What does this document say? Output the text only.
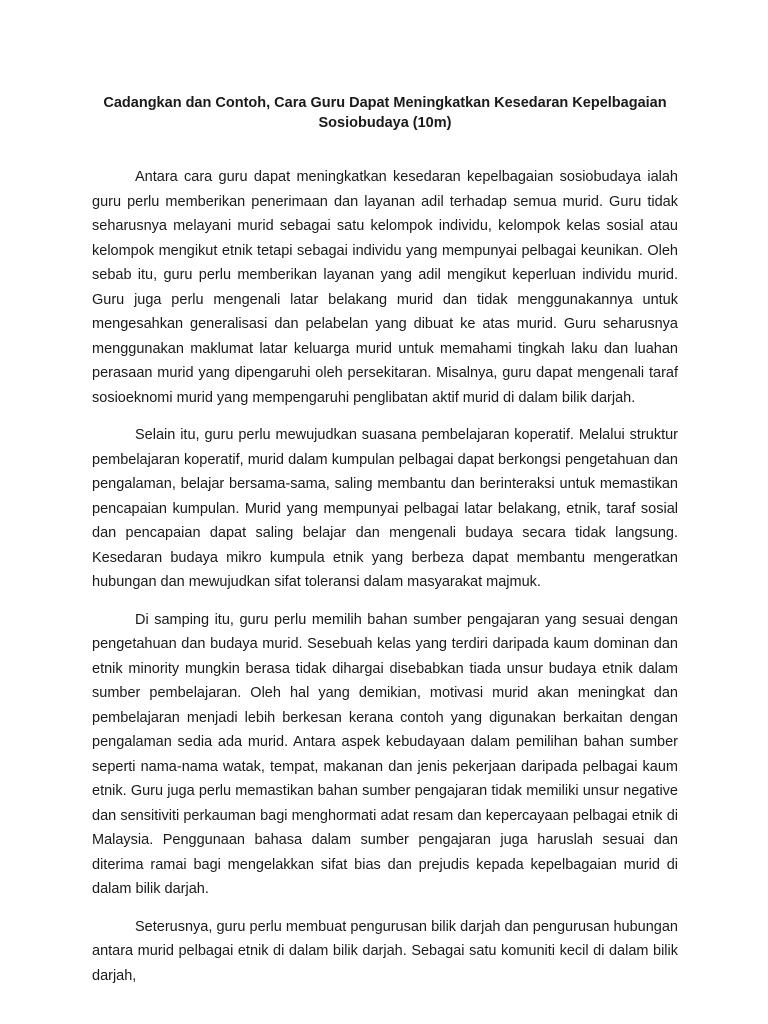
Cadangkan dan Contoh, Cara Guru Dapat Meningkatkan Kesedaran Kepelbagaian Sosiobudaya (10m)

Antara cara guru dapat meningkatkan kesedaran kepelbagaian sosiobudaya ialah guru perlu memberikan penerimaan dan layanan adil terhadap semua murid. Guru tidak seharusnya melayani murid sebagai satu kelompok individu, kelompok kelas sosial atau kelompok mengikut etnik tetapi sebagai individu yang mempunyai pelbagai keunikan. Oleh sebab itu, guru perlu memberikan layanan yang adil mengikut keperluan individu murid. Guru juga perlu mengenali latar belakang murid dan tidak menggunakannya untuk mengesahkan generalisasi dan pelabelan yang dibuat ke atas murid. Guru seharusnya menggunakan maklumat latar keluarga murid untuk memahami tingkah laku dan luahan perasaan murid yang dipengaruhi oleh persekitaran. Misalnya, guru dapat mengenali taraf sosioeknomi murid yang mempengaruhi penglibatan aktif murid di dalam bilik darjah.

Selain itu, guru perlu mewujudkan suasana pembelajaran koperatif. Melalui struktur pembelajaran koperatif, murid dalam kumpulan pelbagai dapat berkongsi pengetahuan dan pengalaman, belajar bersama-sama, saling membantu dan berinteraksi untuk memastikan pencapaian kumpulan. Murid yang mempunyai pelbagai latar belakang, etnik, taraf sosial dan pencapaian dapat saling belajar dan mengenali budaya secara tidak langsung. Kesedaran budaya mikro kumpula etnik yang berbeza dapat membantu mengeratkan hubungan dan mewujudkan sifat toleransi dalam masyarakat majmuk.

Di samping itu, guru perlu memilih bahan sumber pengajaran yang sesuai dengan pengetahuan dan budaya murid. Sesebuah kelas yang terdiri daripada kaum dominan dan etnik minority mungkin berasa tidak dihargai disebabkan tiada unsur budaya etnik dalam sumber pembelajaran. Oleh hal yang demikian, motivasi murid akan meningkat dan pembelajaran menjadi lebih berkesan kerana contoh yang digunakan berkaitan dengan pengalaman sedia ada murid. Antara aspek kebudayaan dalam pemilihan bahan sumber seperti nama-nama watak, tempat, makanan dan jenis pekerjaan daripada pelbagai kaum etnik. Guru juga perlu memastikan bahan sumber pengajaran tidak memiliki unsur negative dan sensitiviti perkauman bagi menghormati adat resam dan kepercayaan pelbagai etnik di Malaysia. Penggunaan bahasa dalam sumber pengajaran juga haruslah sesuai dan diterima ramai bagi mengelakkan sifat bias dan prejudis kepada kepelbagaian murid di dalam bilik darjah.

Seterusnya, guru perlu membuat pengurusan bilik darjah dan pengurusan hubungan antara murid pelbagai etnik di dalam bilik darjah. Sebagai satu komuniti kecil di dalam bilik darjah,
